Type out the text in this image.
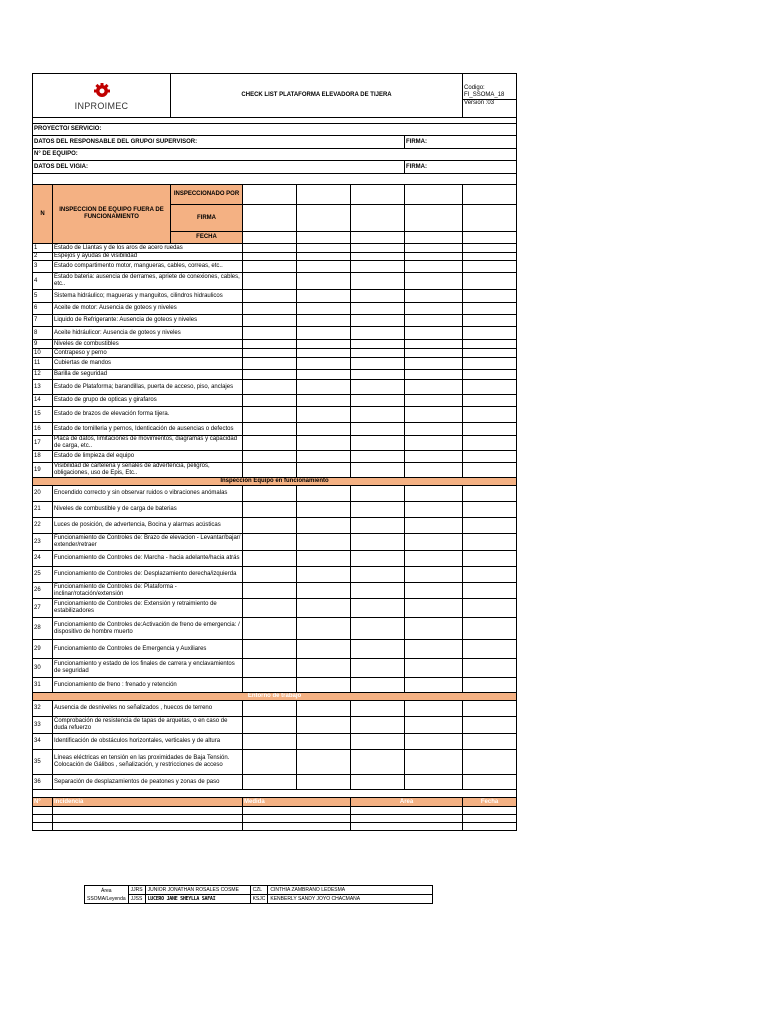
INPROIMEC		CHECK LIST PLATAFORMA ELEVADORA DE TIJERA					Codigo:
FI_SSOMA_18
Version :03

PROYECTO/ SERVICIO:							
DATOS DEL RESPONSABLE DEL GRUPO/ SUPERVISOR:						FIRMA:	
N° DE EQUIPO:							
DATOS DEL VIGIA:						FIRMA:	

N	INSPECCION DE EQUIPO FUERA DE FUNCIONAMIENTO	INSPECCIONADO POR					
		FIRMA					
		FECHA					
1	Estado de Llantas y de los aros de acero ruedas						
2	Espejos y ayudas de visibilidad						
3	Estado compartimento motor, mangueras, cables, correas, etc..						
4	Estado bateria: ausencia de derrames, apriete de conexiones, cables, etc..						
5	Sistema hidráulico; magueras y manguitos, cilindros hidraulicos						
6	Aceite de motor: Ausencia de goteos y niveles						
7	Liquido de Refrigerante: Ausencia de goteos y niveles						
8	Aceite hidráulicor: Ausencia de goteos y niveles						
9	Niveles de combustibles						
10	Contrapeso y perno						
11	Cubiertas de mandos						
12	Barilla de seguridad						
13	Estado de Plataforma; barandillas, puerta de acceso, piso, anclajes						
14	Estado de grupo de opticas y girafaros						
15	Estado de brazos de elevación forma tijera.						
16	Estado de tornilleria y pernos, Identicación de ausencias o defectos						
17	Placa de datos, limitaciones de movimientos, diagramas y capacidad de carga, etc..						
18	Estado de limpieza del equipo						
19	Visibilidad de carteleria y señales de advertencia, peligros, obligaciones, uso de Epis, Etc..						
Inspección Equipo en funcionamiento							
20	Encendido correcto y sin observar ruidos o vibraciones anómalas						
21	Niveles de combustible y de carga de baterias						
22	Luces de posición, de advertencia, Bocina y alarmas acústicas						
23	Funcionamiento de Controles de: Brazo de elevacion - Levantar/bajar/ extender/retraer						
24	Funcionamiento de Controles de: Marcha - hacia adelante/hacia atrás						
25	Funcionamiento de Controles de: Desplazamiento derecha/izquierda						
26	Funcionamiento de Controles de: Plataforma - inclinar/rotación/extensión						
27	Funcionamiento de Controles de: Extensión y retraimiento de estabilizadores						
28	Funcionamiento de Controles de:Activación de freno de emergencia: / dispositivo de hombre muerto						
29	Funcionamiento de Controles de Emergencia y Auxiliares						
30	Funcionamiento y estado de los finales de carrera y enclavamientos de seguridad						
31	Funcionamiento de freno : frenado y retención						
Entorno de trabajo							
32	Ausencia de desniveles no señalizados , huecos de terreno						
33	Comprobación de resistencia de tapas de arquetas, o en caso de duda refuerzo						
34	Identificación de obstáculos horizontales, verticales y de altura						
35	Líneas eléctricas en tensión en las proximidades de Baja Tensión. Colocación de Gálibos , señalización, y restricciones de acceso						
36	Separación de desplazamientos de peatones y zonas de paso						

N°	Incidencia		Medida		Área		Fecha

Área
SSOMA/Leyenda	JJRS	JUNIOR JONATHAN ROSALES COSME	CZL	CINTHIA ZAMBRANO LEDESMA
	JJSS	LUCERO JANE SHEYLLA SAFAI	KSJC	KENBERLY SANDY JOYO CHACMANA
